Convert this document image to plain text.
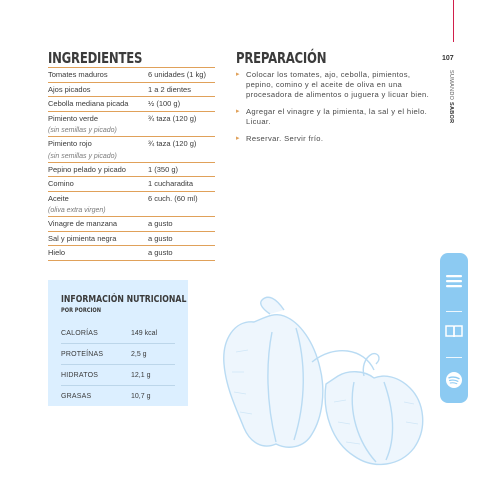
INGREDIENTES	PREPARACIÓN
Tomates maduros	6 unidades (1 kg)
Ajos picados	1 a 2 dientes
Cebolla mediana picada	½ (100 g)
Pimiento verde	¾ taza (120 g)
(sin semillas y picado)
Pimiento rojo	¾ taza (120 g)
(sin semillas y picado)
Pepino pelado y picado	1 (350 g)
Comino	1 cucharadita
Aceite	6 cuch. (60 ml)
(oliva extra virgen)
Vinagre de manzana	a gusto
Sal y pimienta negra	a gusto
Hielo	a gusto
▸ Colocar los tomates, ajo, cebolla, pimientos, pepino, comino y el aceite de oliva en una procesadora de alimentos o juguera y licuar bien.
▸ Agregar el vinagre y la pimienta, la sal y el hielo. Licuar.
▸ Reservar. Servir frío.
107
SUMANDO SABOR
INFORMACIÓN NUTRICIONAL
POR PORCIÓN
CALORÍAS	149 kcal
PROTEÍNAS	2,5 g
HIDRATOS	12,1 g
GRASAS	10,7 g
